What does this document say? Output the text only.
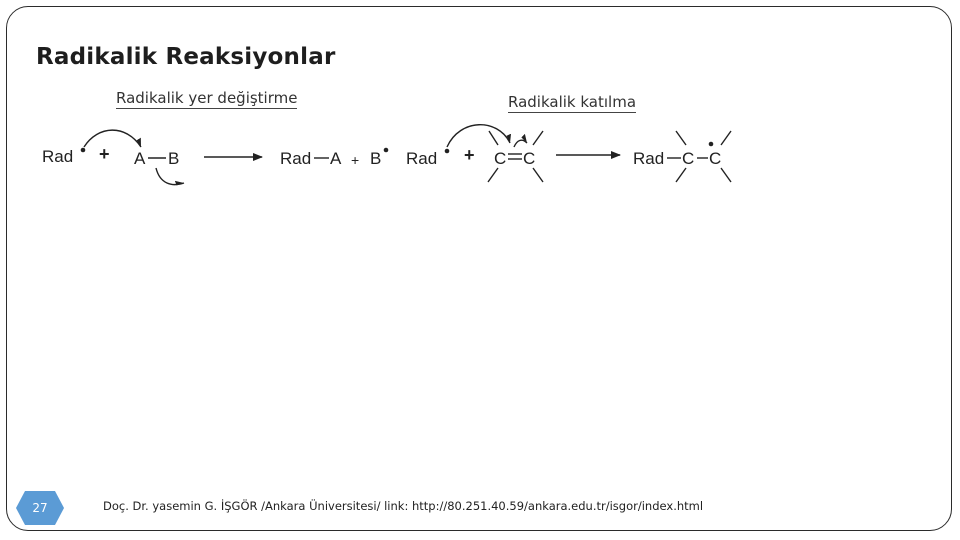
Radikalik Reaksiyonlar
Radikalik yer değiştirme	Radikalik katılma
Rad + A B	Rad A + B Rad + C C	Rad C C
27	Doç. Dr. yasemin G. İŞGÖR /Ankara Üniversitesi/ link: http://80.251.40.59/ankara.edu.tr/isgor/index.html
